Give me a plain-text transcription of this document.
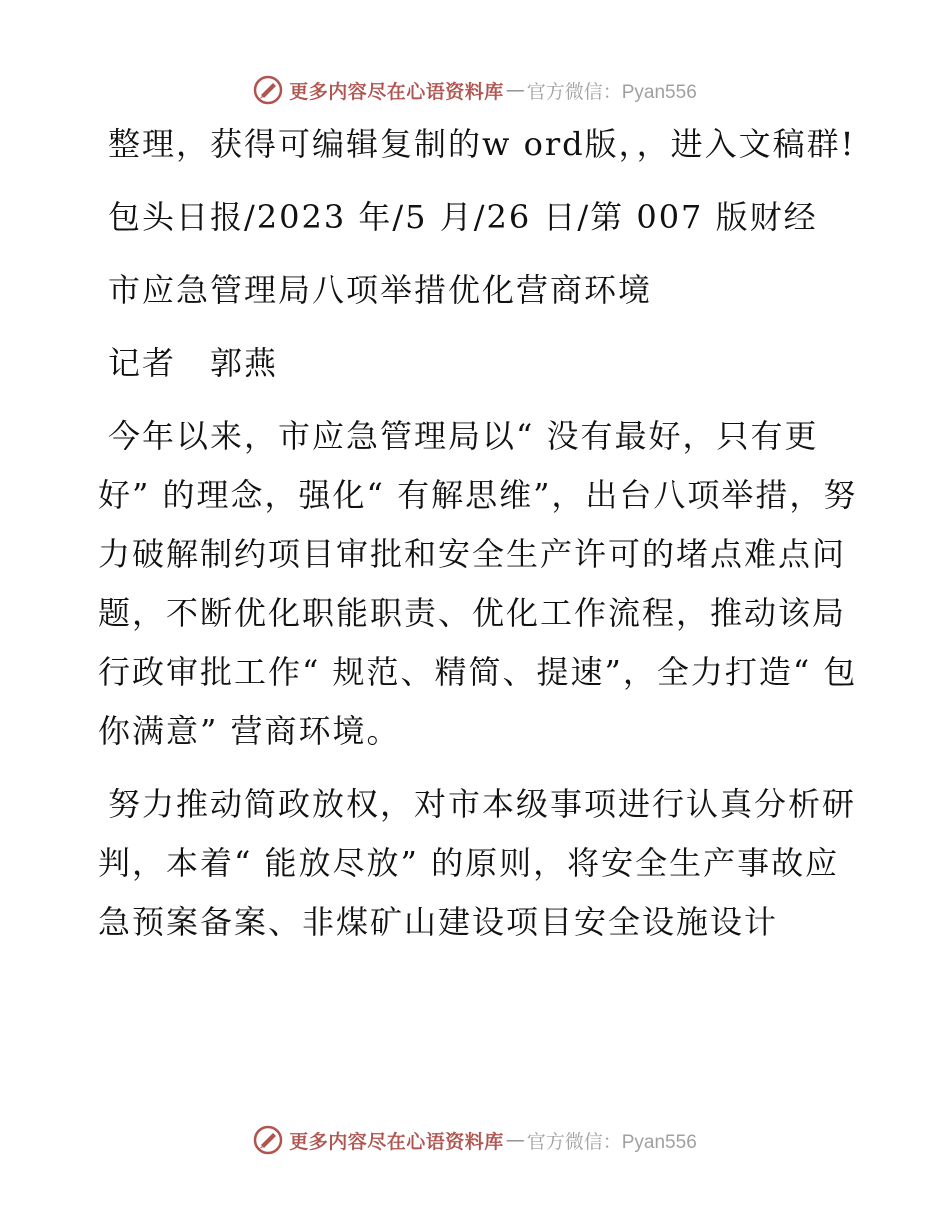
更多内容尽在心语资料库 — 官方微信：Pyan556

整理，获得可编辑复制的w ord版，，进入文稿群!

包头日报/2023 年/5 月/26 日/第 007 版财经

市应急管理局八项举措优化营商环境

记者　郭燕

今年以来，市应急管理局以“ 没有最好，只有更好” 的理念，强化“ 有解思维”，出台八项举措，努力破解制约项目审批和安全生产许可的堵点难点问题，不断优化职能职责、优化工作流程，推动该局行政审批工作“ 规范、精简、提速”，全力打造“ 包你满意” 营商环境。

努力推动简政放权，对市本级事项进行认真分析研判，本着“ 能放尽放” 的原则，将安全生产事故应急预案备案、非煤矿山建设项目安全设施设计

更多内容尽在心语资料库 — 官方微信：Pyan556
